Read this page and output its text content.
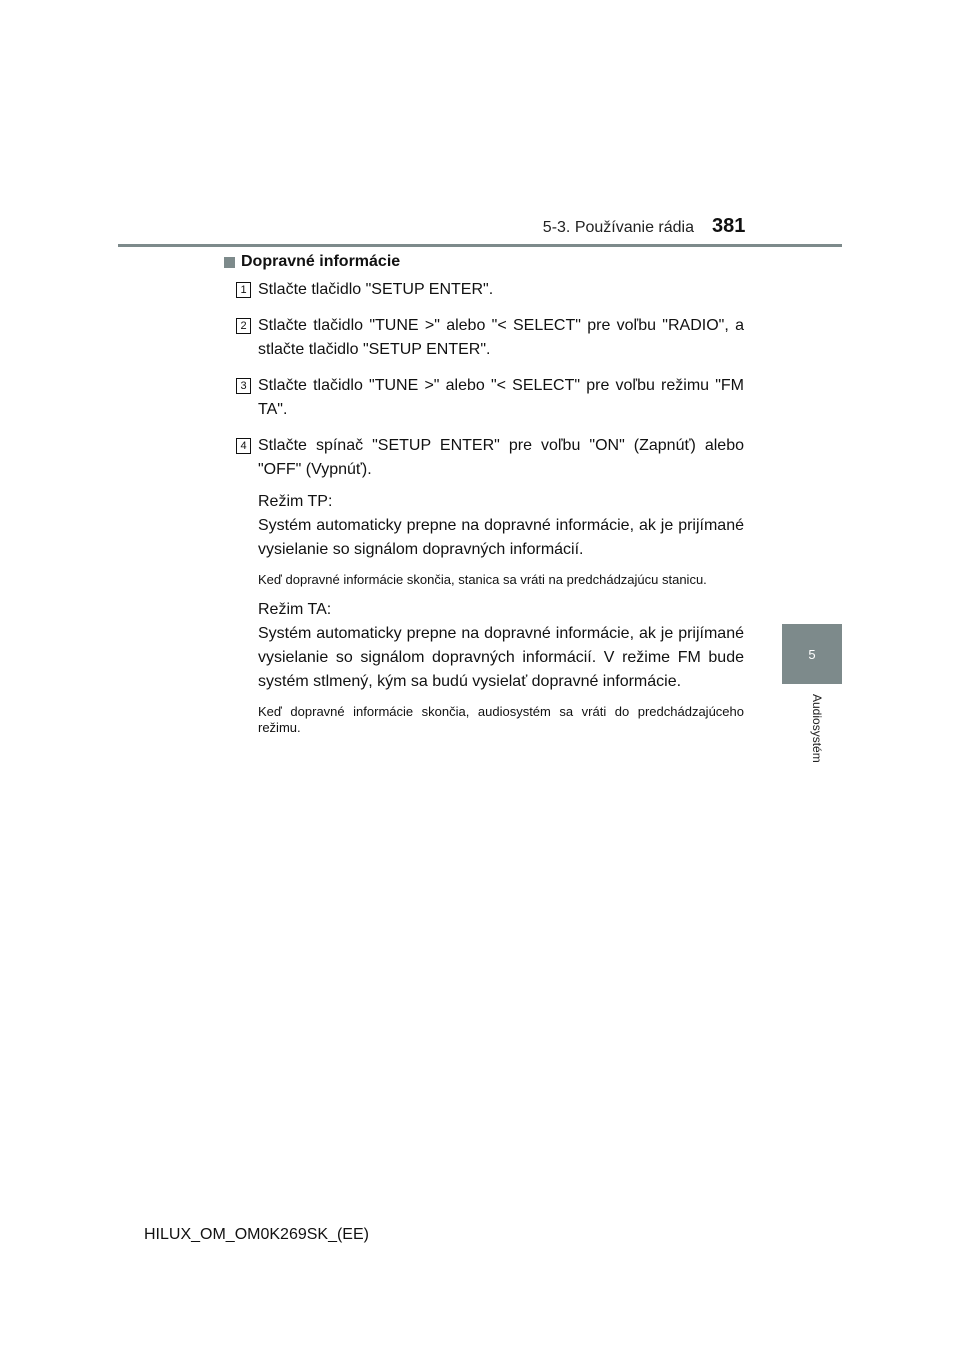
5-3. Používanie rádia 381
5
Audiosystém
Dopravné informácie
1 Stlačte tlačidlo "SETUP ENTER".
2 Stlačte tlačidlo "TUNE >" alebo "< SELECT" pre voľbu "RADIO", a stlačte tlačidlo "SETUP ENTER".
3 Stlačte tlačidlo "TUNE >" alebo "< SELECT" pre voľbu režimu "FM TA".
4 Stlačte spínač "SETUP ENTER" pre voľbu "ON" (Zapnúť) alebo "OFF" (Vypnúť).
Režim TP:
Systém automaticky prepne na dopravné informácie, ak je prijímané vysielanie so signálom dopravných informácií.
Keď dopravné informácie skončia, stanica sa vráti na predchádzajúcu stanicu.
Režim TA:
Systém automaticky prepne na dopravné informácie, ak je prijímané vysielanie so signálom dopravných informácií. V režime FM bude systém stlmený, kým sa budú vysielať dopravné informácie.
Keď dopravné informácie skončia, audiosystém sa vráti do predchádzajúceho režimu.
HILUX_OM_OM0K269SK_(EE)
